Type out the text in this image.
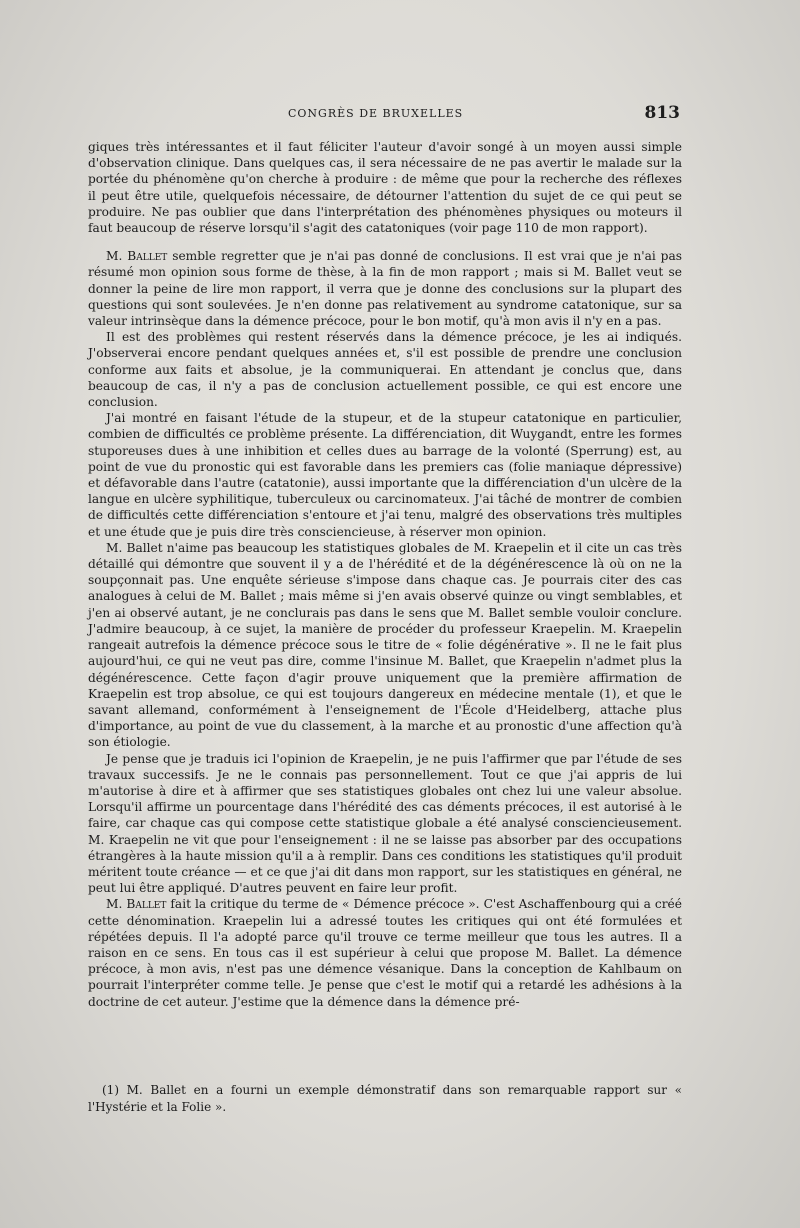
CONGRÈS DE BRUXELLES	813

giques très intéressantes et il faut féliciter l'auteur d'avoir songé à un moyen aussi simple d'observation clinique. Dans quelques cas, il sera nécessaire de ne pas avertir le malade sur la portée du phénomène qu'on cherche à produire : de même que pour la recherche des réflexes il peut être utile, quelquefois nécessaire, de détourner l'attention du sujet de ce qui peut se produire. Ne pas oublier que dans l'interprétation des phénomènes physiques ou moteurs il faut beaucoup de réserve lorsqu'il s'agit des catatoniques (voir page 110 de mon rapport).

M. Ballet semble regretter que je n'ai pas donné de conclusions. Il est vrai que je n'ai pas résumé mon opinion sous forme de thèse, à la fin de mon rapport ; mais si M. Ballet veut se donner la peine de lire mon rapport, il verra que je donne des conclusions sur la plupart des questions qui sont soulevées. Je n'en donne pas relativement au syndrome catatonique, sur sa valeur intrinsèque dans la démence précoce, pour le bon motif, qu'à mon avis il n'y en a pas.

Il est des problèmes qui restent réservés dans la démence précoce, je les ai indiqués. J'observerai encore pendant quelques années et, s'il est possible de prendre une conclusion conforme aux faits et absolue, je la communiquerai. En attendant je conclus que, dans beaucoup de cas, il n'y a pas de conclusion actuellement possible, ce qui est encore une conclusion.

J'ai montré en faisant l'étude de la stupeur, et de la stupeur catatonique en particulier, combien de difficultés ce problème présente. La différenciation, dit Wuygandt, entre les formes stuporeuses dues à une inhibition et celles dues au barrage de la volonté (Sperrung) est, au point de vue du pronostic qui est favorable dans les premiers cas (folie maniaque dépressive) et défavorable dans l'autre (catatonie), aussi importante que la différenciation d'un ulcère de la langue en ulcère syphilitique, tuberculeux ou carcinomateux. J'ai tâché de montrer de combien de difficultés cette différenciation s'entoure et j'ai tenu, malgré des observations très multiples et une étude que je puis dire très consciencieuse, à réserver mon opinion.

M. Ballet n'aime pas beaucoup les statistiques globales de M. Kraepelin et il cite un cas très détaillé qui démontre que souvent il y a de l'hérédité et de la dégénérescence là où on ne la soupçonnait pas. Une enquête sérieuse s'impose dans chaque cas. Je pourrais citer des cas analogues à celui de M. Ballet ; mais même si j'en avais observé quinze ou vingt semblables, et j'en ai observé autant, je ne conclurais pas dans le sens que M. Ballet semble vouloir conclure. J'admire beaucoup, à ce sujet, la manière de procéder du professeur Kraepelin. M. Kraepelin rangeait autrefois la démence précoce sous le titre de « folie dégénérative ». Il ne le fait plus aujourd'hui, ce qui ne veut pas dire, comme l'insinue M. Ballet, que Kraepelin n'admet plus la dégénérescence. Cette façon d'agir prouve uniquement que la première affirmation de Kraepelin est trop absolue, ce qui est toujours dangereux en médecine mentale (1), et que le savant allemand, conformément à l'enseignement de l'École d'Heidelberg, attache plus d'importance, au point de vue du classement, à la marche et au pronostic d'une affection qu'à son étiologie.

Je pense que je traduis ici l'opinion de Kraepelin, je ne puis l'affirmer que par l'étude de ses travaux successifs. Je ne le connais pas personnellement. Tout ce que j'ai appris de lui m'autorise à dire et à affirmer que ses statistiques globales ont chez lui une valeur absolue. Lorsqu'il affirme un pourcentage dans l'hérédité des cas déments précoces, il est autorisé à le faire, car chaque cas qui compose cette statistique globale a été analysé consciencieusement. M. Kraepelin ne vit que pour l'enseignement : il ne se laisse pas absorber par des occupations étrangères à la haute mission qu'il a à remplir. Dans ces conditions les statistiques qu'il produit méritent toute créance — et ce que j'ai dit dans mon rapport, sur les statistiques en général, ne peut lui être appliqué. D'autres peuvent en faire leur profit.

M. Ballet fait la critique du terme de « Démence précoce ». C'est Aschaffenbourg qui a créé cette dénomination. Kraepelin lui a adressé toutes les critiques qui ont été formulées et répétées depuis. Il l'a adopté parce qu'il trouve ce terme meilleur que tous les autres. Il a raison en ce sens. En tous cas il est supérieur à celui que propose M. Ballet. La démence précoce, à mon avis, n'est pas une démence vésanique. Dans la conception de Kahlbaum on pourrait l'interpréter comme telle. Je pense que c'est le motif qui a retardé les adhésions à la doctrine de cet auteur. J'estime que la démence dans la démence pré-

(1) M. Ballet en a fourni un exemple démonstratif dans son remarquable rapport sur « l'Hystérie et la Folie ».
